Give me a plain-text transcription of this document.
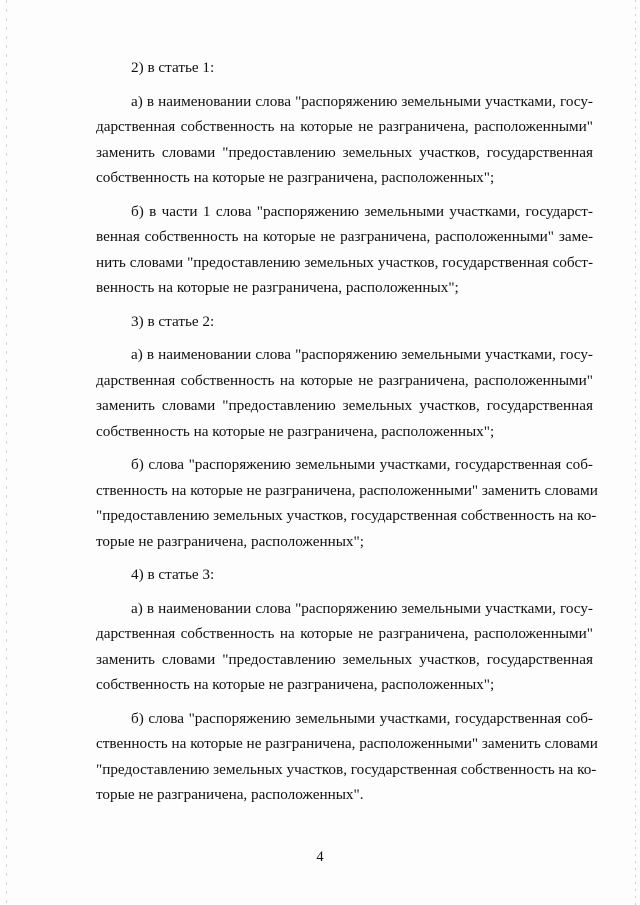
2) в статье 1:

а) в наименовании слова "распоряжению земельными участками, госу-
дарственная собственность на которые не разграничена, расположенными"
заменить словами "предоставлению земельных участков, государственная
собственность на которые не разграничена, расположенных";

б) в части 1 слова "распоряжению земельными участками, государст-
венная собственность на которые не разграничена, расположенными" заме-
нить словами "предоставлению земельных участков, государственная собст-
венность на которые не разграничена, расположенных";

3) в статье 2:

а) в наименовании слова "распоряжению земельными участками, госу-
дарственная собственность на которые не разграничена, расположенными"
заменить словами "предоставлению земельных участков, государственная
собственность на которые не разграничена, расположенных";

б) слова "распоряжению земельными участками, государственная соб-
ственность на которые не разграничена, расположенными" заменить словами
"предоставлению земельных участков, государственная собственность на ко-
торые не разграничена, расположенных";

4) в статье 3:

а) в наименовании слова "распоряжению земельными участками, госу-
дарственная собственность на которые не разграничена, расположенными"
заменить словами "предоставлению земельных участков, государственная
собственность на которые не разграничена, расположенных";

б) слова "распоряжению земельными участками, государственная соб-
ственность на которые не разграничена, расположенными" заменить словами
"предоставлению земельных участков, государственная собственность на ко-
торые не разграничена, расположенных".

4
